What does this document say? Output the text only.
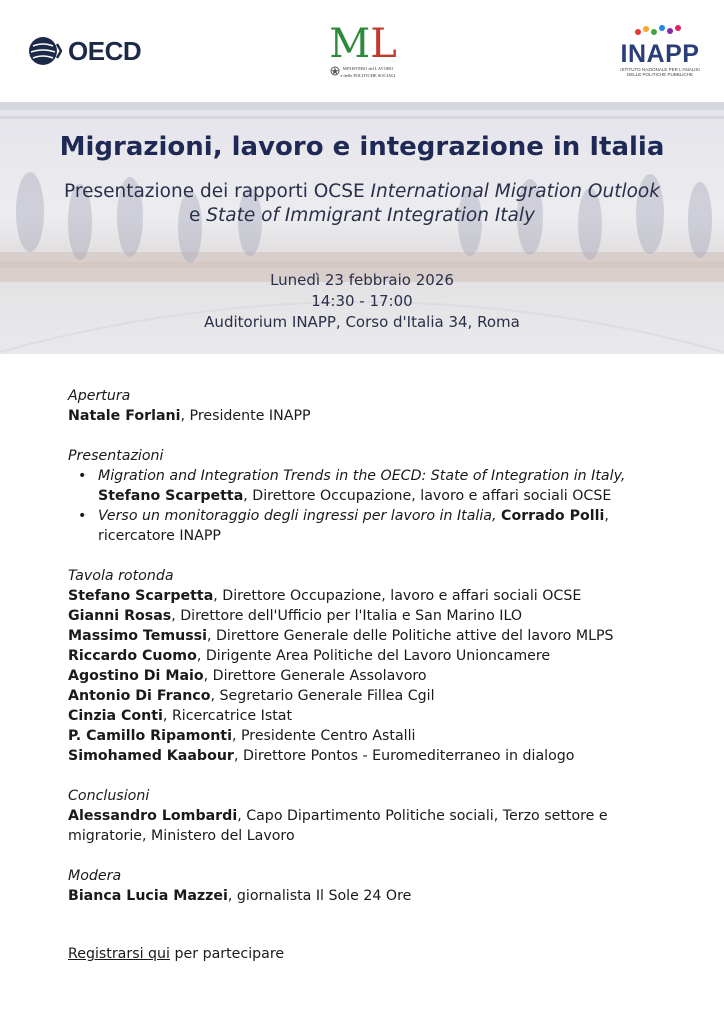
OECD	ML
MINISTERO del LAVORO
e delle POLITICHE SOCIALI
INAPP
ISTITUTO NAZIONALE PER L'ANALISI
DELLE POLITICHE PUBBLICHE
Migrazioni, lavoro e integrazione in Italia
Presentazione dei rapporti OCSE International Migration Outlook
e State of Immigrant Integration Italy
Lunedì 23 febbraio 2026
14:30 - 17:00
Auditorium INAPP, Corso d'Italia 34, Roma
Apertura
Natale Forlani, Presidente INAPP
Presentazioni
• Migration and Integration Trends in the OECD: State of Integration in Italy,
Stefano Scarpetta, Direttore Occupazione, lavoro e affari sociali OCSE
• Verso un monitoraggio degli ingressi per lavoro in Italia, Corrado Polli,
ricercatore INAPP
Tavola rotonda
Stefano Scarpetta, Direttore Occupazione, lavoro e affari sociali OCSE
Gianni Rosas, Direttore dell'Ufficio per l'Italia e San Marino ILO
Massimo Temussi, Direttore Generale delle Politiche attive del lavoro MLPS
Riccardo Cuomo, Dirigente Area Politiche del Lavoro Unioncamere
Agostino Di Maio, Direttore Generale Assolavoro
Antonio Di Franco, Segretario Generale Fillea Cgil
Cinzia Conti, Ricercatrice Istat
P. Camillo Ripamonti, Presidente Centro Astalli
Simohamed Kaabour, Direttore Pontos - Euromediterraneo in dialogo
Conclusioni
Alessandro Lombardi, Capo Dipartimento Politiche sociali, Terzo settore e
migratorie, Ministero del Lavoro
Modera
Bianca Lucia Mazzei, giornalista Il Sole 24 Ore
Registrarsi qui per partecipare
